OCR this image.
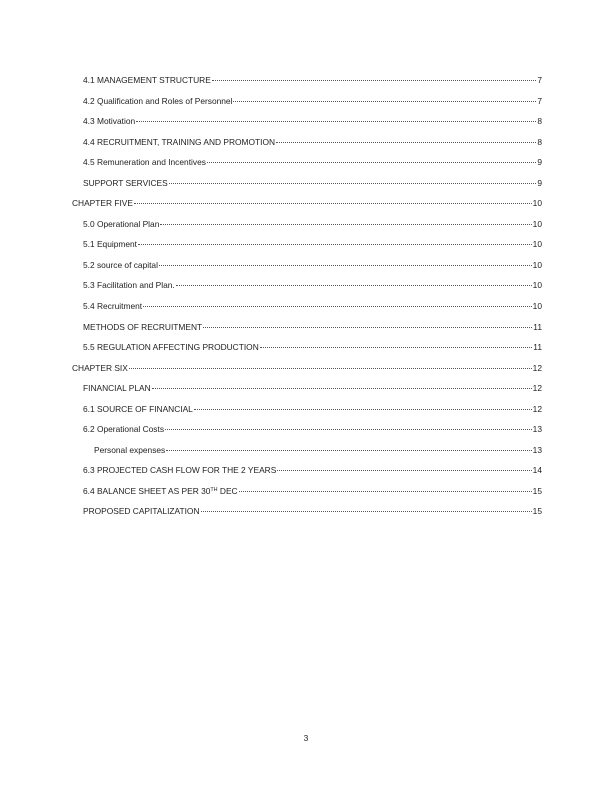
4.1 MANAGEMENT STRUCTURE	7
4.2 Qualification and Roles of Personnel	7
4.3 Motivation	8
4.4 RECRUITMENT, TRAINING AND PROMOTION	8
4.5 Remuneration and Incentives	9
SUPPORT SERVICES	9
CHAPTER FIVE	10
5.0 Operational Plan	10
5.1 Equipment	10
5.2 source of capital	10
5.3 Facilitation and Plan.	10
5.4 Recruitment	10
METHODS OF RECRUITMENT	11
5.5 REGULATION AFFECTING PRODUCTION	11
CHAPTER SIX	12
FINANCIAL PLAN	12
6.1 SOURCE OF FINANCIAL	12
6.2 Operational Costs	13
Personal expenses	13
6.3 PROJECTED CASH FLOW FOR THE 2 YEARS	14
6.4 BALANCE SHEET AS PER 30TH DEC	15
PROPOSED CAPITALIZATION	15
3
